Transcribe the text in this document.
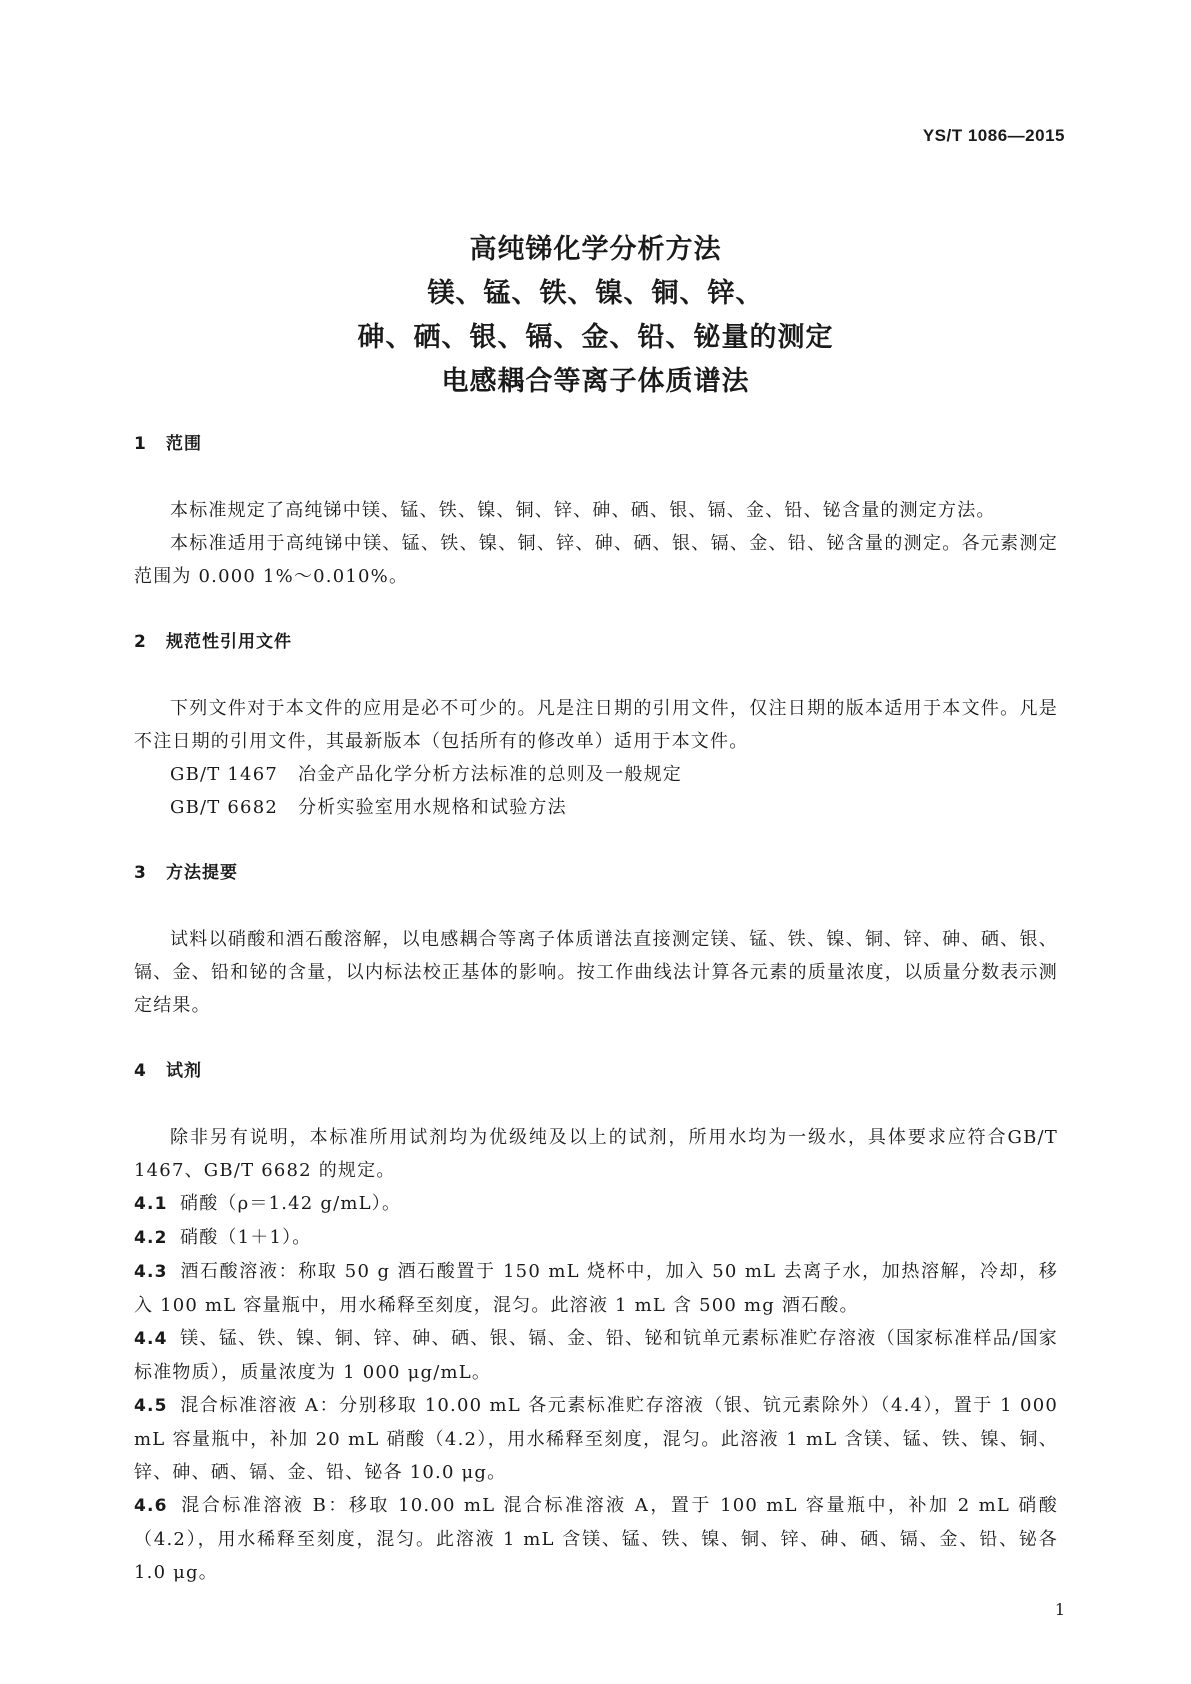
YS/T 1086—2015
高纯锑化学分析方法
镁、锰、铁、镍、铜、锌、
砷、硒、银、镉、金、铅、铋量的测定
电感耦合等离子体质谱法
1 范围
本标准规定了高纯锑中镁、锰、铁、镍、铜、锌、砷、硒、银、镉、金、铅、铋含量的测定方法。
本标准适用于高纯锑中镁、锰、铁、镍、铜、锌、砷、硒、银、镉、金、铅、铋含量的测定。各元素测定范围为 0.000 1%～0.010%。
2 规范性引用文件
下列文件对于本文件的应用是必不可少的。凡是注日期的引用文件，仅注日期的版本适用于本文件。凡是不注日期的引用文件，其最新版本（包括所有的修改单）适用于本文件。
GB/T 1467 冶金产品化学分析方法标准的总则及一般规定
GB/T 6682 分析实验室用水规格和试验方法
3 方法提要
试料以硝酸和酒石酸溶解，以电感耦合等离子体质谱法直接测定镁、锰、铁、镍、铜、锌、砷、硒、银、镉、金、铅和铋的含量，以内标法校正基体的影响。按工作曲线法计算各元素的质量浓度，以质量分数表示测定结果。
4 试剂
除非另有说明，本标准所用试剂均为优级纯及以上的试剂，所用水均为一级水，具体要求应符合GB/T 1467、GB/T 6682 的规定。
4.1 硝酸（ρ＝1.42 g/mL）。
4.2 硝酸（1＋1）。
4.3 酒石酸溶液：称取 50 g 酒石酸置于 150 mL 烧杯中，加入 50 mL 去离子水，加热溶解，冷却，移入 100 mL 容量瓶中，用水稀释至刻度，混匀。此溶液 1 mL 含 500 mg 酒石酸。
4.4 镁、锰、铁、镍、铜、锌、砷、硒、银、镉、金、铅、铋和钪单元素标准贮存溶液（国家标准样品/国家标准物质），质量浓度为 1 000 μg/mL。
4.5 混合标准溶液 A：分别移取 10.00 mL 各元素标准贮存溶液（银、钪元素除外）（4.4），置于 1 000 mL 容量瓶中，补加 20 mL 硝酸（4.2），用水稀释至刻度，混匀。此溶液 1 mL 含镁、锰、铁、镍、铜、锌、砷、硒、镉、金、铅、铋各 10.0 μg。
4.6 混合标准溶液 B：移取 10.00 mL 混合标准溶液 A，置于 100 mL 容量瓶中，补加 2 mL 硝酸（4.2），用水稀释至刻度，混匀。此溶液 1 mL 含镁、锰、铁、镍、铜、锌、砷、硒、镉、金、铅、铋各 1.0 μg。
1
